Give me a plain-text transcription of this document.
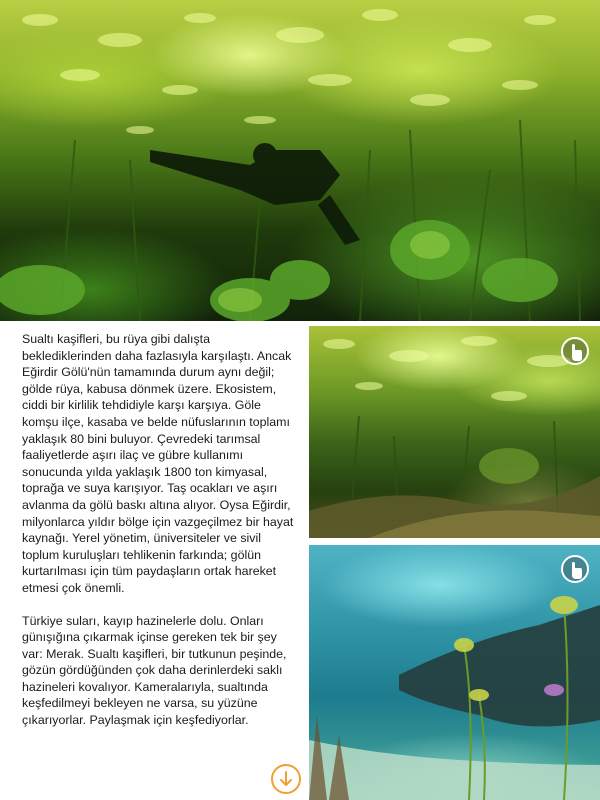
Sualtı kaşifleri, bu rüya gibi dalışta beklediklerinden daha fazlasıyla karşılaştı. Ancak Eğirdir Gölü'nün tamamında durum aynı değil; gölde rüya, kabusa dönmek üzere. Ekosistem, ciddi bir kirlilik tehdidiyle karşı karşıya. Göle komşu ilçe, kasaba ve belde nüfuslarının toplamı yaklaşık 80 bini buluyor. Çevredeki tarımsal faaliyetlerde aşırı ilaç ve gübre kullanımı sonucunda yılda yaklaşık 1800 ton kimyasal, toprağa ve suya karışıyor. Taş ocakları ve aşırı avlanma da gölü baskı altına alıyor. Oysa Eğirdir, milyonlarca yıldır bölge için vazgeçilmez bir hayat kaynağı. Yerel yönetim, üniversiteler ve sivil toplum kuruluşları tehlikenin farkında; gölün kurtarılması için tüm paydaşların ortak hareket etmesi çok önemli.

Türkiye suları, kayıp hazinelerle dolu. Onları günışığına çıkarmak içinse gereken tek bir şey var: Merak. Sualtı kaşifleri, bir tutkunun peşinde, gözün gördüğünden çok daha derinlerdeki saklı hazineleri kovalıyor. Kameralarıyla, sualtında keşfedilmeyi bekleyen ne varsa, su yüzüne çıkarıyorlar. Paylaşmak için keşfediyorlar.
